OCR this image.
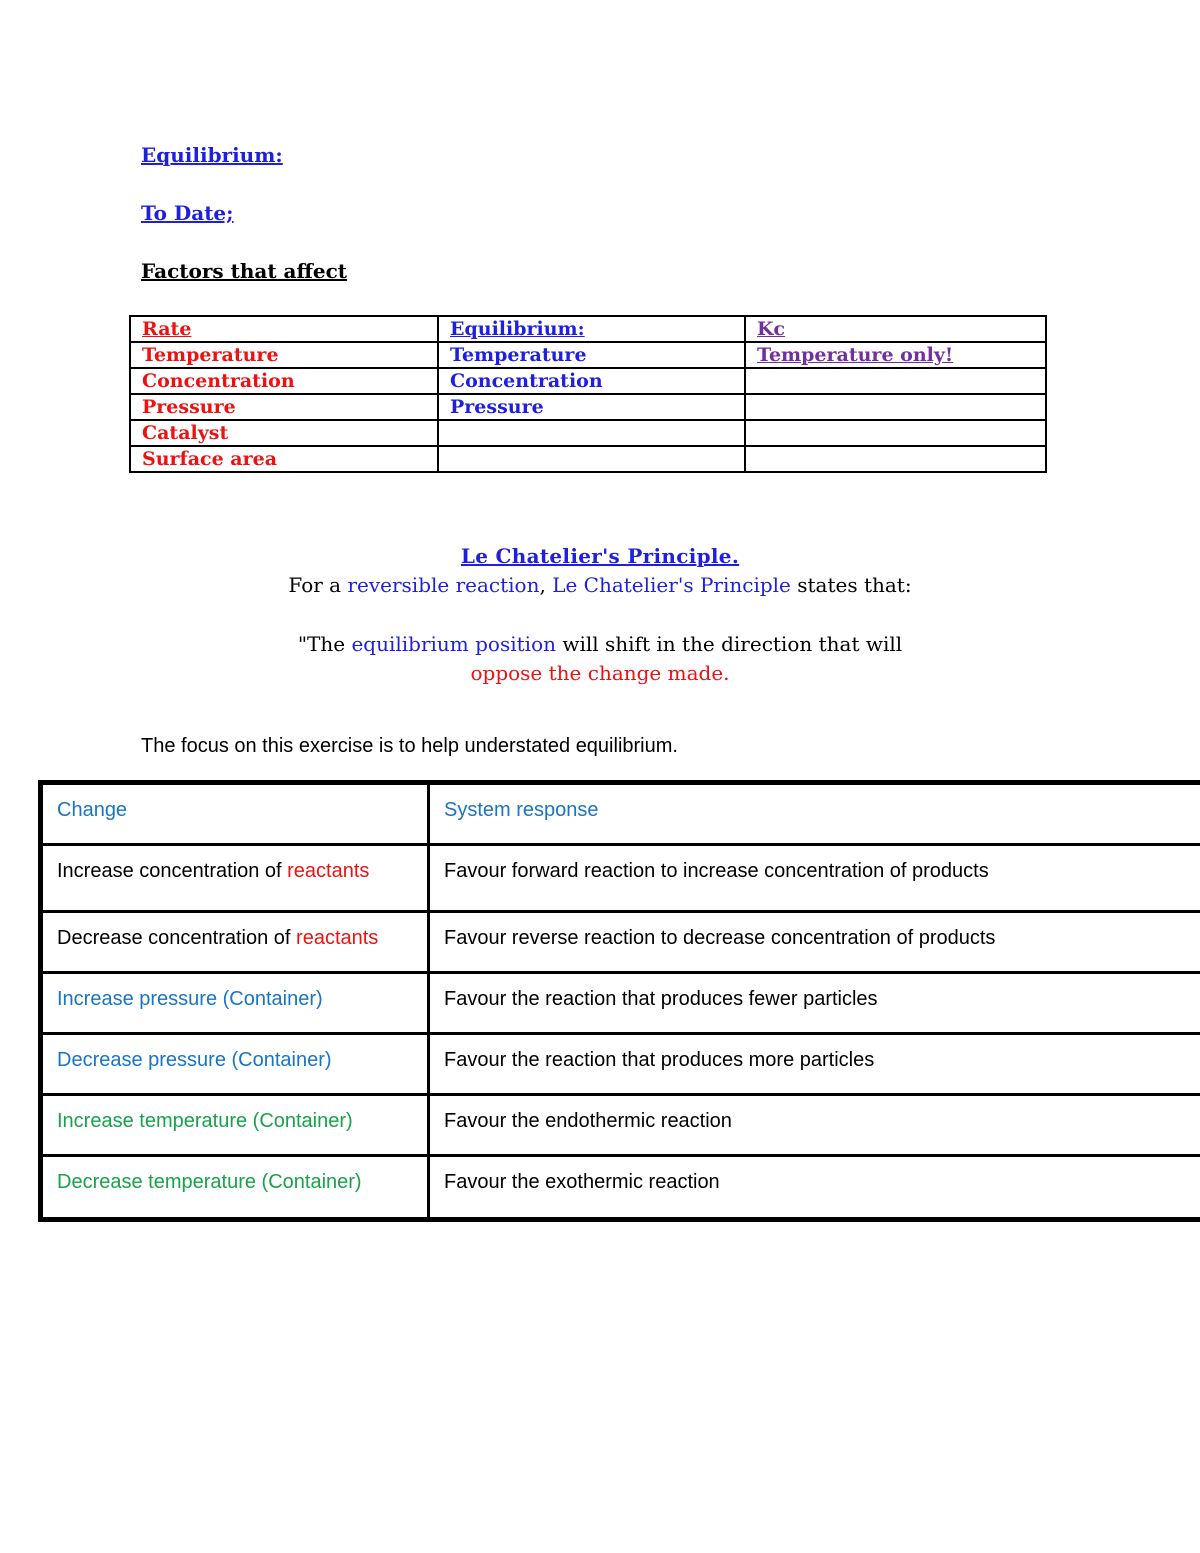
Equilibrium:
To Date;
Factors that affect
Rate	Equilibrium:	Kc
Temperature	Temperature	Temperature only!
Concentration	Concentration	
Pressure	Pressure	
Catalyst		
Surface area		
Le Chatelier's Principle.
For a reversible reaction, Le Chatelier's Principle states that:
"The equilibrium position will shift in the direction that will
oppose the change made.
The focus on this exercise is to help understated equilibrium.
Change	System response
Increase concentration of reactants	Favour forward reaction to increase concentration of products
Decrease concentration of reactants	Favour reverse reaction to decrease concentration of products
Increase pressure (Container)	Favour the reaction that produces fewer particles
Decrease pressure (Container)	Favour the reaction that produces more particles
Increase temperature (Container)	Favour the endothermic reaction
Decrease temperature (Container)	Favour the exothermic reaction
